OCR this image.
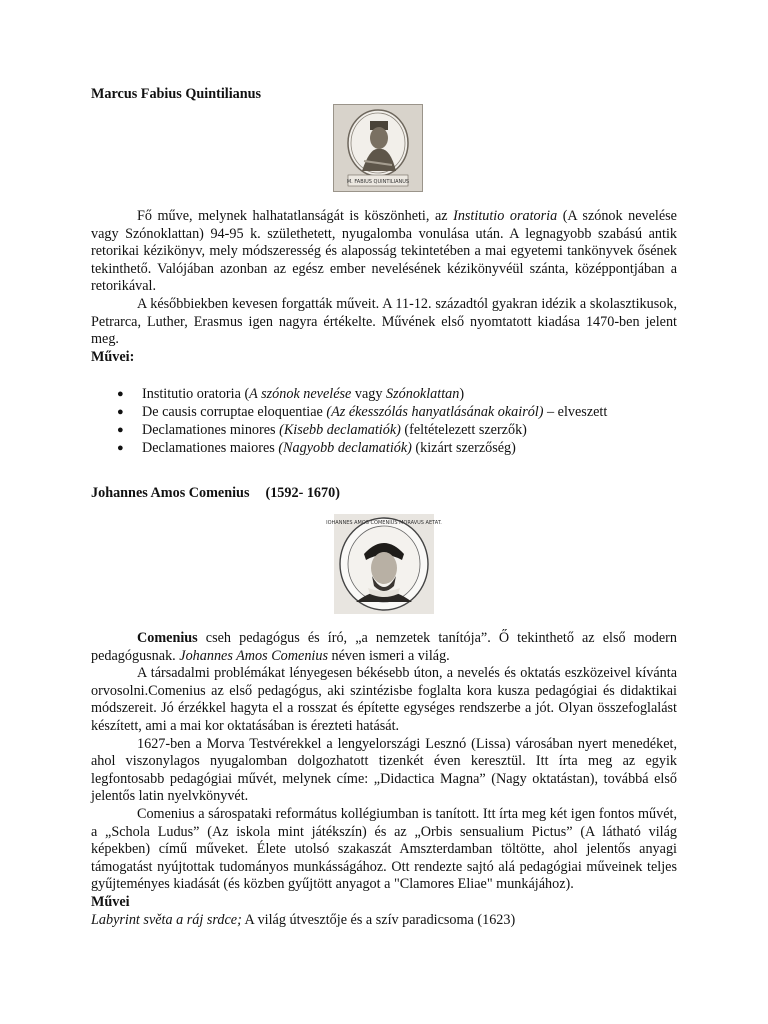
Marcus Fabius Quintilianus
M. FABIUS QUINTILIANUS

Fő műve, melynek halhatatlanságát is köszönheti, az Institutio oratoria (A szónok nevelése vagy Szónoklattan) 94-95 k. születhetett, nyugalomba vonulása után. A legnagyobb szabású antik retorikai kézikönyv, mely módszeresség és alaposság tekintetében a mai egyetemi tankönyvek ősének tekinthető. Valójában azonban az egész ember nevelésének kézikönyvéül szánta, középpontjában a retorikával.

A későbbiekben kevesen forgatták műveit. A 11-12. századtól gyakran idézik a skolasztikusok, Petrarca, Luther, Erasmus igen nagyra értékelte. Művének első nyomtatott kiadása 1470-ben jelent meg.

Művei:
● Institutio oratoria (A szónok nevelése vagy Szónoklattan)
● De causis corruptae eloquentiae (Az ékesszólás hanyatlásának okairól) – elveszett
● Declamationes minores (Kisebb declamatiók) (feltételezett szerzők)
● Declamationes maiores (Nagyobb declamatiók) (kizárt szerzőség)
Johannes Amos Comenius (1592- 1670)
IOHANNES AMOS COMENIUS MORAVUS AETAT.

Comenius cseh pedagógus és író, „a nemzetek tanítója”. Ő tekinthető az első modern pedagógusnak. Johannes Amos Comenius néven ismeri a világ.

A társadalmi problémákat lényegesen békésebb úton, a nevelés és oktatás eszközeivel kívánta orvosolni.Comenius az első pedagógus, aki szintézisbe foglalta kora kusza pedagógiai és didaktikai módszereit. Jó érzékkel hagyta el a rosszat és építette egységes rendszerbe a jót. Olyan összefoglalást készített, ami a mai kor oktatásában is érezteti hatását.

1627-ben a Morva Testvérekkel a lengyelországi Lesznó (Lissa) városában nyert menedéket, ahol viszonylagos nyugalomban dolgozhatott tizenkét éven keresztül. Itt írta meg az egyik legfontosabb pedagógiai művét, melynek címe: „Didactica Magna” (Nagy oktatástan), továbbá első jelentős latin nyelvkönyvét.

Comenius a sárospataki református kollégiumban is tanított. Itt írta meg két igen fontos művét, a „Schola Ludus” (Az iskola mint játékszín) és az „Orbis sensualium Pictus” (A látható világ képekben) című műveket. Élete utolsó szakaszát Amszterdamban töltötte, ahol jelentős anyagi támogatást nyújtottak tudományos munkásságához. Ott rendezte sajtó alá pedagógiai műveinek teljes gyűjteményes kiadását (és közben gyűjtött anyagot a "Clamores Eliae" munkájához).

Művei

Labyrint světa a ráj srdce; A világ útvesztője és a szív paradicsoma (1623)
